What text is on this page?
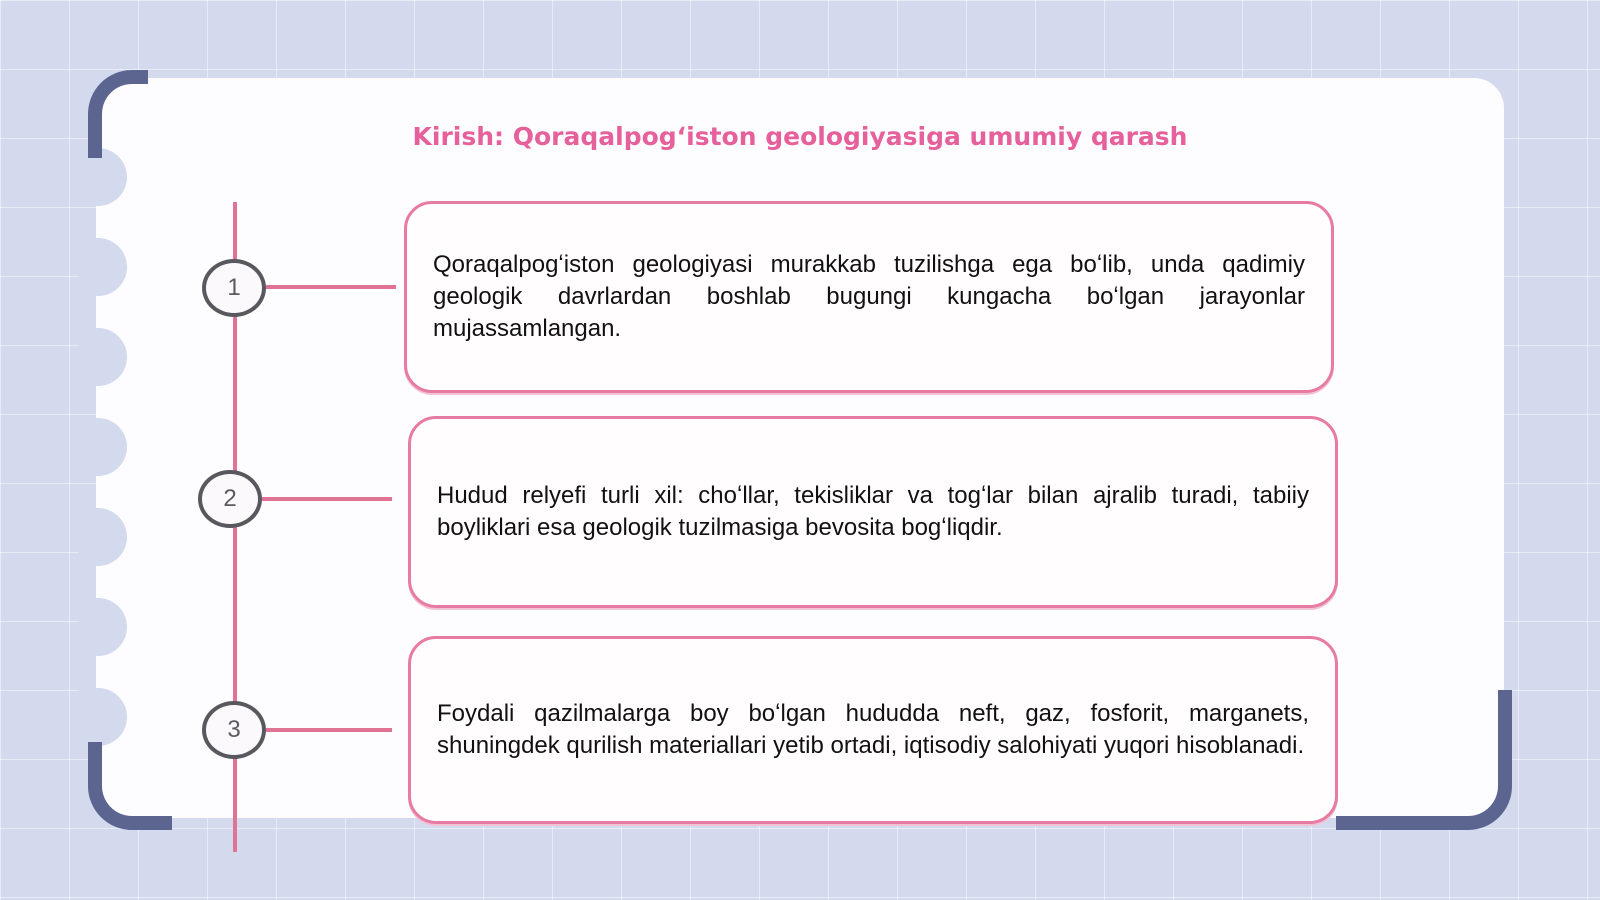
Kirish: Qoraqalpogʻiston geologiyasiga umumiy qarash
1

Qoraqalpogʻiston geologiyasi murakkab tuzilishga ega boʻlib, unda qadimiy geologik davrlardan boshlab bugungi kungacha boʻlgan jarayonlar mujassamlangan.

2	Hudud relyefi turli xil: choʻllar, tekisliklar va togʻlar bilan ajralib turadi, tabiiy boyliklari esa geologik tuzilmasiga bevosita bogʻliqdir.

3

Foydali qazilmalarga boy boʻlgan hududda neft, gaz, fosforit, marganets, shuningdek qurilish materiallari yetib ortadi, iqtisodiy salohiyati yuqori hisoblanadi.
